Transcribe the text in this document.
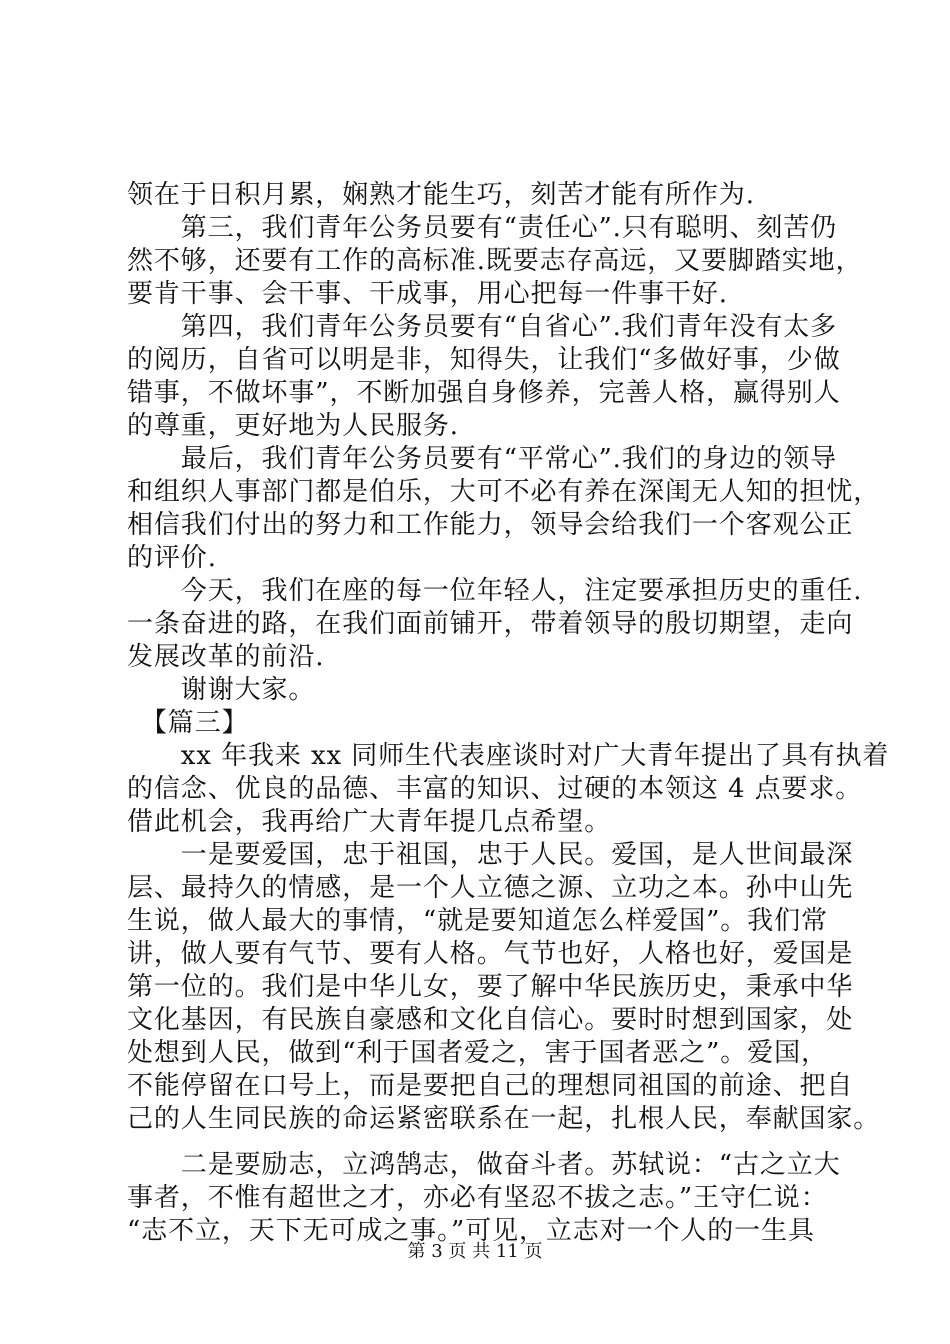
领在于日积月累，娴熟才能生巧，刻苦才能有所作为.
　　第三，我们青年公务员要有“责任心”.只有聪明、刻苦仍
然不够，还要有工作的高标准.既要志存高远，又要脚踏实地，
要肯干事、会干事、干成事，用心把每一件事干好.
　　第四，我们青年公务员要有“自省心”.我们青年没有太多
的阅历，自省可以明是非，知得失，让我们“多做好事，少做
错事，不做坏事”，不断加强自身修养，完善人格，赢得别人
的尊重，更好地为人民服务.
　　最后，我们青年公务员要有“平常心”.我们的身边的领导
和组织人事部门都是伯乐，大可不必有养在深闺无人知的担忧，
相信我们付出的努力和工作能力，领导会给我们一个客观公正
的评价.
　　今天，我们在座的每一位年轻人，注定要承担历史的重任.
一条奋进的路，在我们面前铺开，带着领导的殷切期望，走向
发展改革的前沿.
　　谢谢大家。
　【篇三】
　　xx 年我来 xx 同师生代表座谈时对广大青年提出了具有执着
的信念、优良的品德、丰富的知识、过硬的本领这 4 点要求。
借此机会，我再给广大青年提几点希望。
　　一是要爱国，忠于祖国，忠于人民。爱国，是人世间最深
层、最持久的情感，是一个人立德之源、立功之本。孙中山先
生说，做人最大的事情，“就是要知道怎么样爱国”。我们常
讲，做人要有气节、要有人格。气节也好，人格也好，爱国是
第一位的。我们是中华儿女，要了解中华民族历史，秉承中华
文化基因，有民族自豪感和文化自信心。要时时想到国家，处
处想到人民，做到“利于国者爱之，害于国者恶之”。爱国，
不能停留在口号上，而是要把自己的理想同祖国的前途、把自
己的人生同民族的命运紧密联系在一起，扎根人民，奉献国家。
　　二是要励志，立鸿鹄志，做奋斗者。苏轼说：“古之立大
事者，不惟有超世之才，亦必有坚忍不拔之志。”王守仁说：
“志不立，天下无可成之事。”可见，立志对一个人的一生具
第 3 页 共 11 页
